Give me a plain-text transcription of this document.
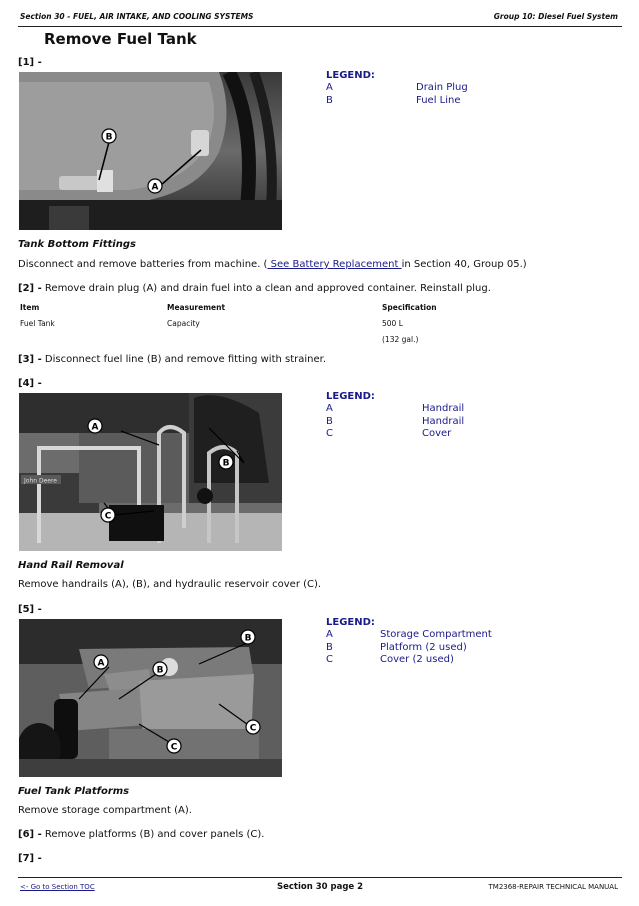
Section 30 - FUEL, AIR INTAKE, AND COOLING SYSTEMS	Group 10: Diesel Fuel System
Remove Fuel Tank
[1] -
B
A
LEGEND:
A	Drain Plug
B	Fuel Line
Tank Bottom Fittings
Disconnect and remove batteries from machine. ( See Battery Replacement in Section 40, Group 05.)
[2] - Remove drain plug (A) and drain fuel into a clean and approved container. Reinstall plug.
Item	Measurement	Specification
Fuel Tank	Capacity	500 L
(132 gal.)
[3] - Disconnect fuel line (B) and remove fitting with strainer.
[4] -
John Deere
A
B
C
LEGEND:
A	Handrail
B	Handrail
C	Cover
Hand Rail Removal
Remove handrails (A), (B), and hydraulic reservoir cover (C).
[5] -
A
B
B
C
C
LEGEND:
A	Storage Compartment
B	Platform (2 used)
C	Cover (2 used)
Fuel Tank Platforms
Remove storage compartment (A).
[6] - Remove platforms (B) and cover panels (C).
[7] -
<- Go to Section TOC	Section 30 page 2	TM2368-REPAIR TECHNICAL MANUAL
